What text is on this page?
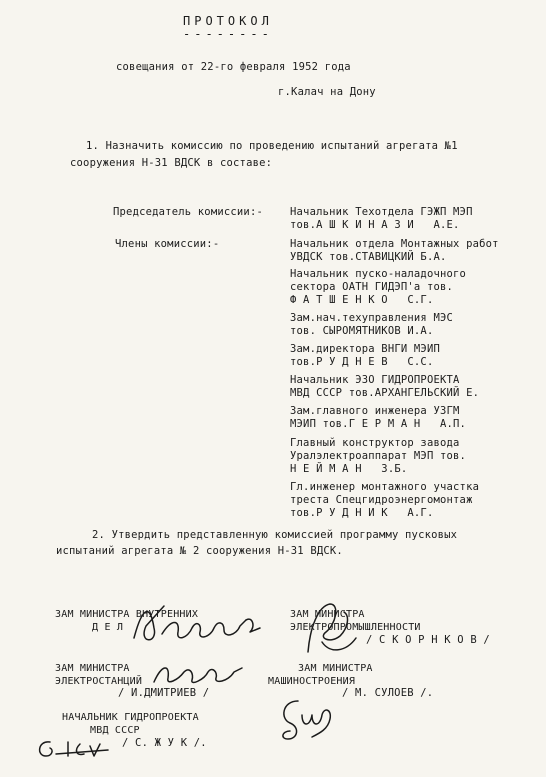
ПРОТОКОЛ
--------
совещания от 22-го февраля 1952 года
г.Калач на Дону
1. Назначить комиссию по проведению испытаний агрегата №1
сооружения Н-31 ВДСК в составе:
Председатель комиссии:-	Начальник Техотдела ГЭЖП МЭП
тов.А Ш К И Н А З И   А.Е.
Члены комиссии:-	Начальник отдела Монтажных работ
УВДСК тов.СТАВИЦКИЙ Б.А.
Начальник пуско-наладочного
сектора ОАТН ГИДЭП'а тов.
Ф А Т Ш Е Н К О   С.Г.
Зам.нач.техуправления МЭС
тов. СЫРОМЯТНИКОВ И.А.
Зам.директора ВНГИ МЭИП
тов.Р У Д Н Е В   С.С.
Начальник ЭЗО ГИДРОПРОЕКТА
МВД СССР тов.АРХАНГЕЛЬСКИЙ Е.
Зам.главного инженера УЗГМ
МЭИП тов.Г Е Р М А Н   А.П.
Главный конструктор завода
Уралэлектроаппарат МЭП тов.
Н Е Й М А Н   З.Б.
Гл.инженер монтажного участка
треста Спецгидроэнергомонтаж
тов.Р У Д Н И К   А.Г.
2. Утвердить представленную комиссией программу пусковых
испытаний агрегата № 2 сооружения Н-31 ВДСК.
ЗАМ МИНИСТРА ВНУТРЕННИХ
Д Е Л
ЗАМ МИНИСТРА
ЭЛЕКТРОПРОМЫШЛЕННОСТИ
/ С К О Р Н К О В /
ЗАМ МИНИСТРА
ЭЛЕКТРОСТАНЦИЙ
/ И.ДМИТРИЕВ /
ЗАМ МИНИСТРА
МАШИНОСТРОЕНИЯ
/ М. СУЛОЕВ /.
НАЧАЛЬНИК ГИДРОПРОЕКТА
МВД СССР
/ С. Ж У К /.
